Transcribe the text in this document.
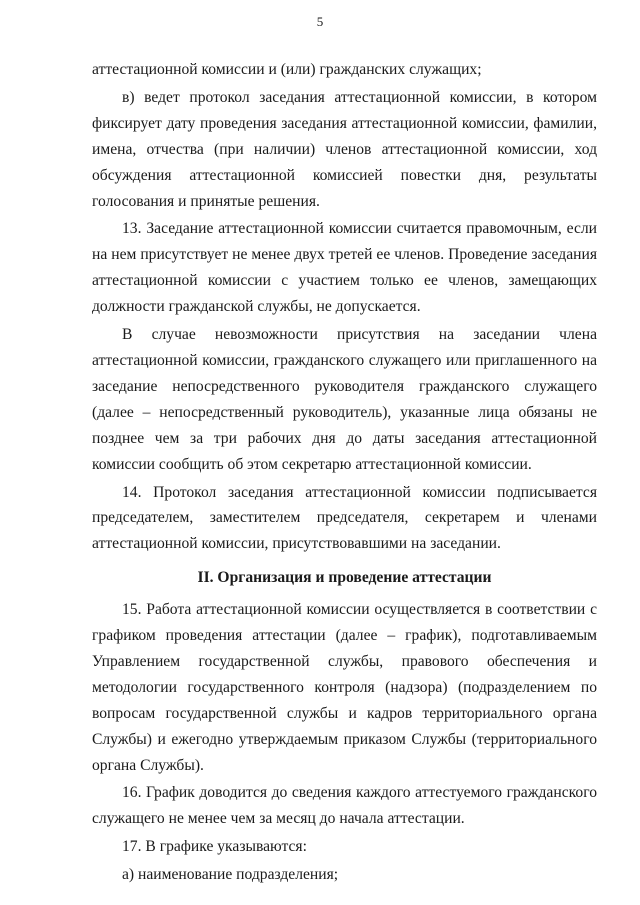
5

аттестационной комиссии и (или) гражданских служащих;

в) ведет протокол заседания аттестационной комиссии, в котором фиксирует дату проведения заседания аттестационной комиссии, фамилии, имена, отчества (при наличии) членов аттестационной комиссии, ход обсуждения аттестационной комиссией повестки дня, результаты голосования и принятые решения.

13. Заседание аттестационной комиссии считается правомочным, если на нем присутствует не менее двух третей ее членов. Проведение заседания аттестационной комиссии с участием только ее членов, замещающих должности гражданской службы, не допускается.

В случае невозможности присутствия на заседании члена аттестационной комиссии, гражданского служащего или приглашенного на заседание непосредственного руководителя гражданского служащего (далее – непосредственный руководитель), указанные лица обязаны не позднее чем за три рабочих дня до даты заседания аттестационной комиссии сообщить об этом секретарю аттестационной комиссии.

14. Протокол заседания аттестационной комиссии подписывается председателем, заместителем председателя, секретарем и членами аттестационной комиссии, присутствовавшими на заседании.

II. Организация и проведение аттестации

15. Работа аттестационной комиссии осуществляется в соответствии с графиком проведения аттестации (далее – график), подготавливаемым Управлением государственной службы, правового обеспечения и методологии государственного контроля (надзора) (подразделением по вопросам государственной службы и кадров территориального органа Службы) и ежегодно утверждаемым приказом Службы (территориального органа Службы).

16. График доводится до сведения каждого аттестуемого гражданского служащего не менее чем за месяц до начала аттестации.

17. В графике указываются:

а) наименование подразделения;
